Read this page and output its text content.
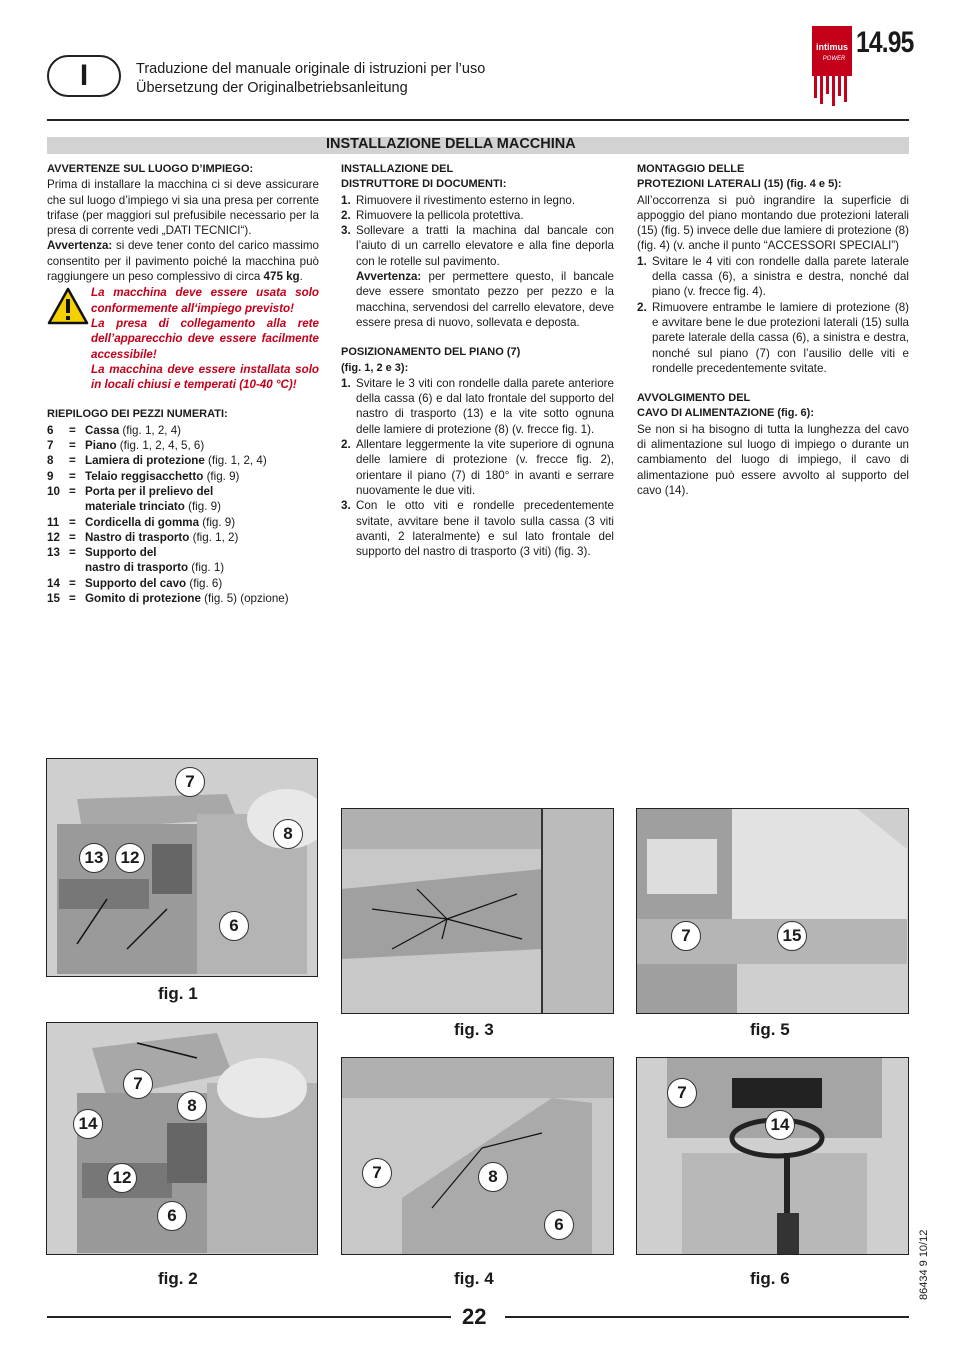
I	Traduzione del manuale originale di istruzioni per l’uso
Übersetzung der Originalbetriebsanleitung
intimus
POWER 14.95
INSTALLAZIONE DELLA MACCHINA
AVVERTENZE SUL LUOGO D’IMPIEGO:

Prima di installare la macchina ci si deve assicurare che sul luogo d’impiego vi sia una presa per corrente trifase (per maggiori sul prefusibile necessario per la presa di corrente vedi „DATI TECNICI“).

Avvertenza: si deve tener conto del carico massimo consentito per il pavimento poiché la macchina può raggiungere un peso complessivo di circa 475 kg.

La macchina deve essere usata solo conformemente all‘impiego previsto!
La presa di collegamento alla rete dell’apparecchio deve essere facilmente accessibile!
La macchina deve essere installata solo in locali chiusi e temperati (10-40 °C)!
RIEPILOGO DEI PEZZI NUMERATI:
6	= Cassa (fig. 1, 2, 4)
7	= Piano (fig. 1, 2, 4, 5, 6)
8	= Lamiera di protezione (fig. 1, 2, 4)
9	= Telaio reggisacchetto (fig. 9)
10 = Porta per il prelievo del
materiale trinciato (fig. 9)
11 = Cordicella di gomma (fig. 9)
12 = Nastro di trasporto (fig. 1, 2)
13 = Supporto del
nastro di trasporto (fig. 1)
14 = Supporto del cavo (fig. 6)
15 = Gomito di protezione (fig. 5) (opzione)
INSTALLAZIONE DEL
DISTRUTTORE DI DOCUMENTI:
1. Rimuovere il rivestimento esterno in legno.
2. Rimuovere la pellicola protettiva.
3. Sollevare a tratti la machina dal bancale con l’aiuto di un carrello elevatore e alla fine deporla con le rotelle sul pavimento.
Avvertenza: per permettere questo, il bancale deve essere smontato pezzo per pezzo e la macchina, servendosi del carrello elevatore, deve essere presa di nuovo, sollevata e deposta.
POSIZIONAMENTO DEL PIANO (7)
(fig. 1, 2 e 3):
1. Svitare le 3 viti con rondelle dalla parete anteriore della cassa (6) e dal lato frontale del supporto del nastro di trasporto (13) e la vite sotto ognuna delle lamiere di protezione (8) (v. frecce fig. 1).
2. Allentare leggermente la vite superiore di ognuna delle lamiere di protezione (v. frecce fig. 2), orientare il piano (7) di 180° in avanti e serrare nuovamente le due viti.
3. Con le otto viti e rondelle precedentemente svitate, avvitare bene il tavolo sulla cassa (3 viti avanti, 2 lateralmente) e sul lato frontale del supporto del nastro di trasporto (3 viti) (fig. 3).
MONTAGGIO DELLE
PROTEZIONI LATERALI (15) (fig. 4 e 5):

All’occorrenza si può ingrandire la superficie di appoggio del piano montando due protezioni laterali (15) (fig. 5) invece delle due lamiere di protezione (8) (fig. 4) (v. anche il punto “ACCESSORI SPECIALI”)

1. Svitare le 4 viti con rondelle dalla parete laterale della cassa (6), a sinistra e destra, nonché dal piano (v. frecce fig. 4).
2. Rimuovere entrambe le lamiere di protezione (8) e avvitare bene le due protezioni laterali (15) sulla parete laterale della cassa (6), a sinistra e destra, nonché sul piano (7) con l’ausilio delle viti e rondelle precedentemente svitate.
AVVOLGIMENTO DEL
CAVO DI ALIMENTAZIONE (fig. 6):

Se non si ha bisogno di tutta la lunghezza del cavo di alimentazione sul luogo di impiego o durante un cambiamento del luogo di impiego, il cavo di alimentazione può essere avvolto al supporto del cavo (14).

7
8
13	12
6
fig. 1
7
8
14
12
6
fig. 2
fig. 3
7	8
6
fig. 4
7	15
fig. 5
7
14
fig. 6	86434 9 10/12
22
